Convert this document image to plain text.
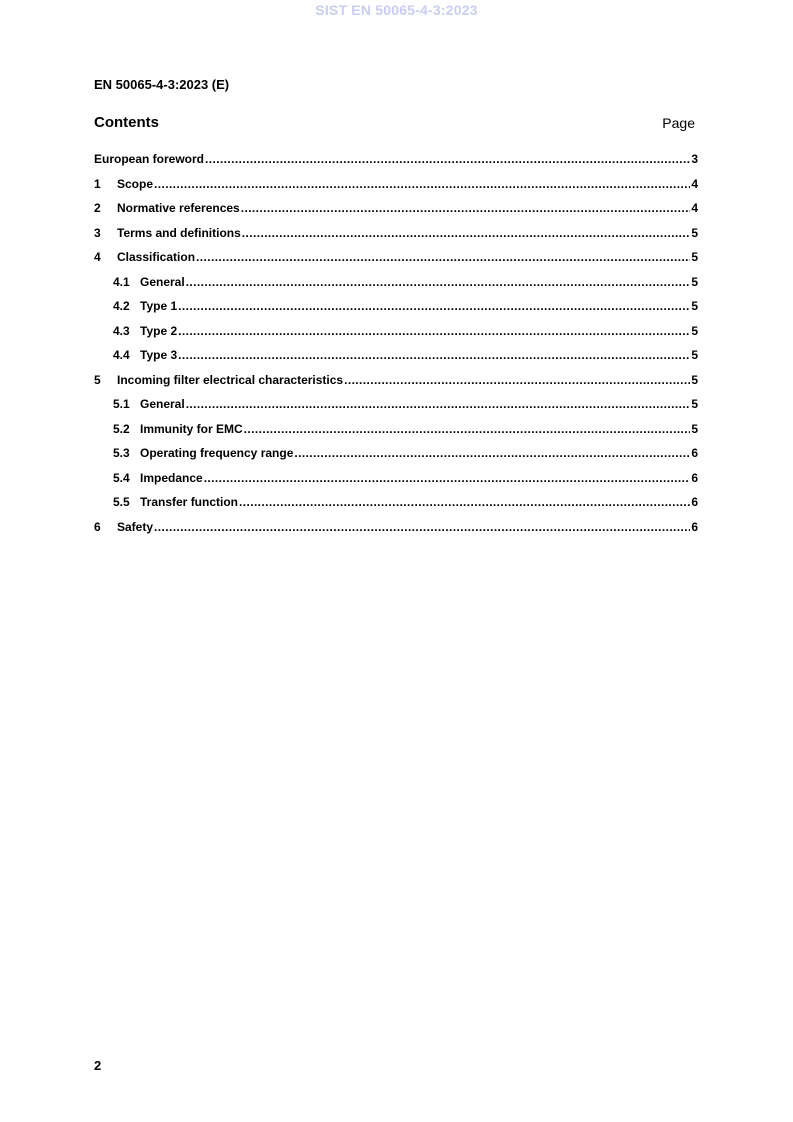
SIST EN 50065-4-3:2023
EN 50065-4-3:2023 (E)
Contents	Page
European foreword .....	3
1	Scope .....	4
2	Normative references .....	4
3	Terms and definitions .....	5
4	Classification .....	5
4.1 General .....	5
4.2 Type 1 .....	5
4.3 Type 2 .....	5
4.4 Type 3 .....	5
5	Incoming filter electrical characteristics .....	5
5.1 General .....	5
5.2 Immunity for EMC .....	5
5.3 Operating frequency range .....	6
5.4 Impedance .....	6
5.5 Transfer function .....	6
6	Safety .....	6
2
